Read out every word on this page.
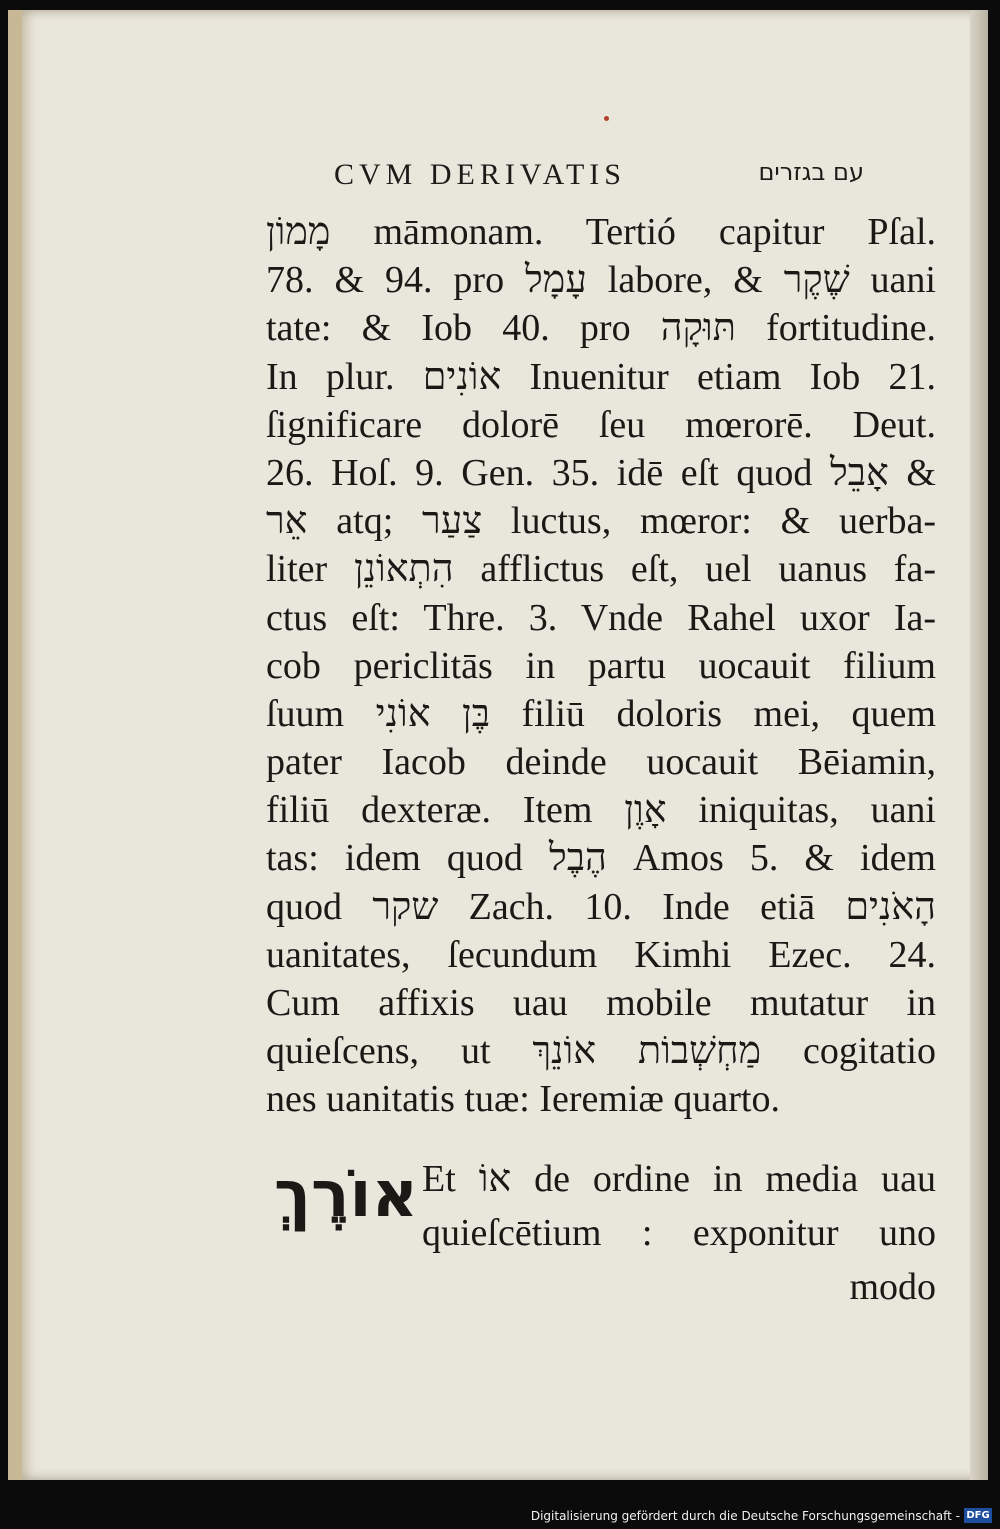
CVM DERIVATIS	עם בגזרים
מָמוֹן māmonam. Tertió capitur Pſal.
78. & 94. pro עָמָל labore, & שֶׁקֶר uani
tate: & Iob 40. pro תּוּקָה fortitudine.
In plur. אוֹנִים Inuenitur etiam Iob 21.
ſignificare dolorē ſeu mœrorē. Deut.
26. Hoſ. 9. Gen. 35. idē eſt quod אָבֵל &
אֵר atq; צַעַר luctus, mœror: & uerba-
liter הִתְאוֹנֵן afflictus eſt, uel uanus fa-
ctus eſt: Thre. 3. Vnde Rahel uxor Ia-
cob periclitās in partu uocauit filium
ſuum בֶּן אוֹנִי filiū doloris mei, quem
pater Iacob deinde uocauit Bēiamin,
filiū dexteræ. Item אָוֶן iniquitas, uani
tas: idem quod הֶבֶל Amos 5. & idem
quod שקר Zach. 10. Inde etiā הָאֹנִים
uanitates, ſecundum Kimhi Ezec. 24.
Cum affixis uau mobile mutatur in
quieſcens, ut מַחְשְׁבוֹת אוֹנֵךְ cogitatio
nes uanitatis tuæ: Ieremiæ quarto.
אוֹרֶךְ Et אוֹ de ordine in media uau
quieſcētium : exponitur uno
modo
Digitalisierung gefördert durch die Deutsche Forschungsgemeinschaft - DFG
